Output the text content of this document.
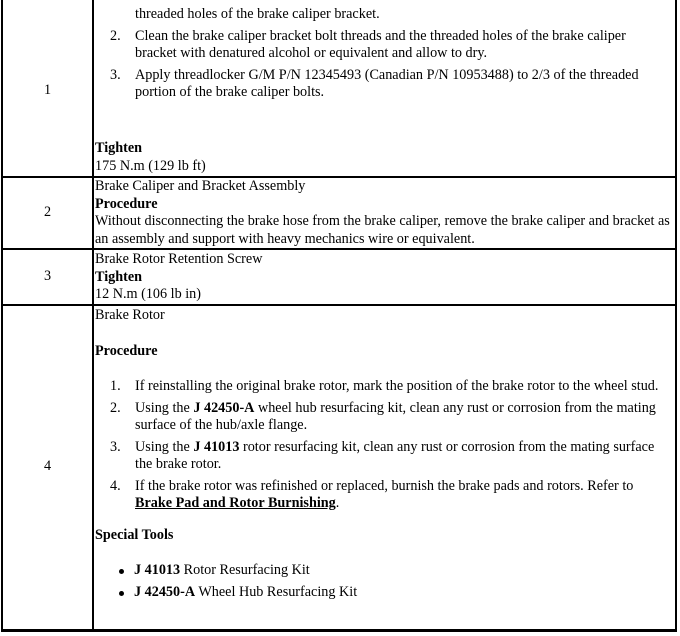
1
threaded holes of the brake caliper bracket.
2. Clean the brake caliper bracket bolt threads and the threaded holes of the brake caliper bracket with denatured alcohol or equivalent and allow to dry.
3. Apply threadlocker G/M P/N 12345493 (Canadian P/N 10953488) to 2/3 of the threaded portion of the brake caliper bolts.
Tighten
175 N.m (129 lb ft)
2
Brake Caliper and Bracket Assembly
Procedure
Without disconnecting the brake hose from the brake caliper, remove the brake caliper and bracket as an assembly and support with heavy mechanics wire or equivalent.
3
Brake Rotor Retention Screw
Tighten
12 N.m (106 lb in)
4
Brake Rotor
Procedure
1. If reinstalling the original brake rotor, mark the position of the brake rotor to the wheel stud.
2. Using the J 42450-A wheel hub resurfacing kit, clean any rust or corrosion from the mating surface of the hub/axle flange.
3. Using the J 41013 rotor resurfacing kit, clean any rust or corrosion from the mating surface the brake rotor.
4. If the brake rotor was refinished or replaced, burnish the brake pads and rotors. Refer to Brake Pad and Rotor Burnishing.
Special Tools
J 41013 Rotor Resurfacing Kit
J 42450-A Wheel Hub Resurfacing Kit
